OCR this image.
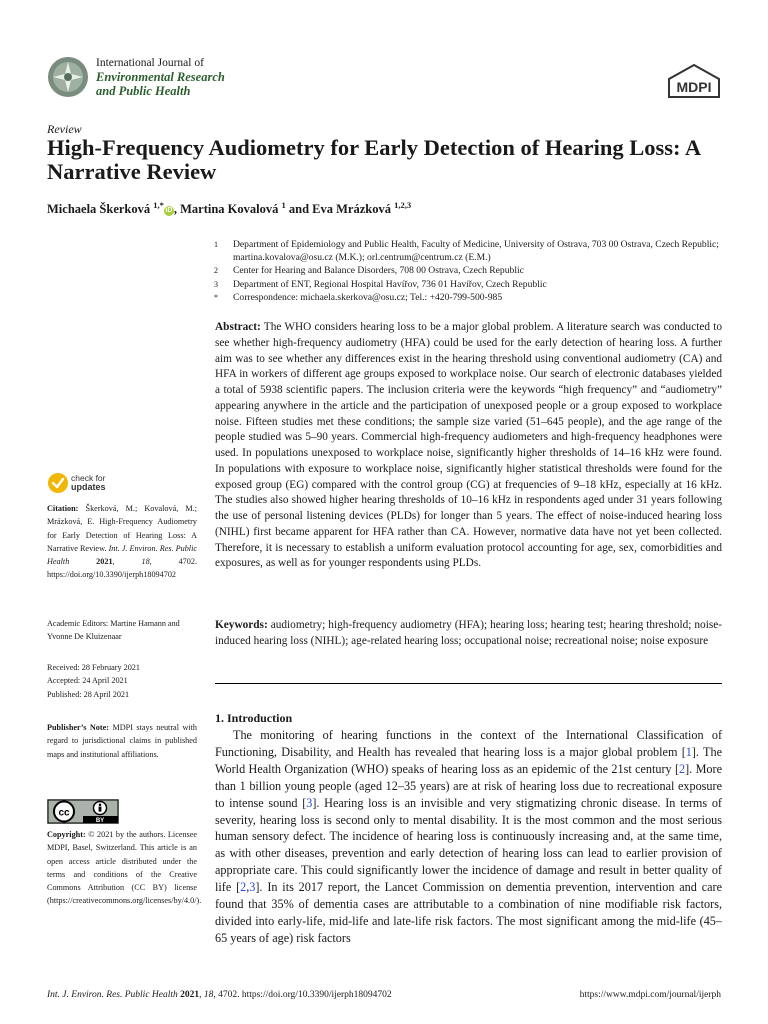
International Journal of
Environmental Research
and Public Health	MDPI
Review
High-Frequency Audiometry for Early Detection of Hearing Loss: A Narrative Review
Michaela Škerková $^{1,*}$iD , Martina Kovalová $^1$ and Eva Mrázková $^{1,2,3}$
1	Department of Epidemiology and Public Health, Faculty of Medicine, University of Ostrava, 703 00 Ostrava, Czech Republic; martina.kovalova@osu.cz (M.K.); orl.centrum@centrum.cz (E.M.)
2	Center for Hearing and Balance Disorders, 708 00 Ostrava, Czech Republic
3	Department of ENT, Regional Hospital Havířov, 736 01 Havířov, Czech Republic
*	Correspondence: michaela.skerkova@osu.cz; Tel.: +420-799-500-985

Abstract: The WHO considers hearing loss to be a major global problem. A literature search was conducted to see whether high-frequency audiometry (HFA) could be used for the early detection of hearing loss. A further aim was to see whether any differences exist in the hearing threshold using conventional audiometry (CA) and HFA in workers of different age groups exposed to workplace noise. Our search of electronic databases yielded a total of 5938 scientific papers. The inclusion criteria were the keywords “high frequency” and “audiometry” appearing anywhere in the article and the participation of unexposed people or a group exposed to workplace noise. Fifteen studies met these conditions; the sample size varied (51–645 people), and the age range of the people studied was 5–90 years. Commercial high-frequency audiometers and high-frequency headphones were used. In populations unexposed to workplace noise, significantly higher thresholds of 14–16 kHz were found. In populations with exposure to workplace noise, significantly higher statistical thresholds were found for the exposed group (EG) compared with the control group (CG) at frequencies of 9–18 kHz, especially at 16 kHz. The studies also showed higher hearing thresholds of 10–16 kHz in respondents aged under 31 years following the use of personal listening devices (PLDs) for longer than 5 years. The effect of noise-induced hearing loss (NIHL) first became apparent for HFA rather than CA. However, normative data have not yet been collected. Therefore, it is necessary to establish a uniform evaluation protocol accounting for age, sex, comorbidities and exposures, as well as for younger respondents using PLDs.

Keywords: audiometry; high-frequency audiometry (HFA); hearing loss; hearing test; hearing threshold; noise-induced hearing loss (NIHL); age-related hearing loss; occupational noise; recreational noise; noise exposure

1. Introduction

The monitoring of hearing functions in the context of the International Classification of Functioning, Disability, and Health has revealed that hearing loss is a major global problem [1]. The World Health Organization (WHO) speaks of hearing loss as an epidemic of the 21st century [2]. More than 1 billion young people (aged 12–35 years) are at risk of hearing loss due to recreational exposure to intense sound [3]. Hearing loss is an invisible and very stigmatizing chronic disease. In terms of severity, hearing loss is second only to mental disability. It is the most common and the most serious human sensory defect. The incidence of hearing loss is continuously increasing and, at the same time, as with other diseases, prevention and early detection of hearing loss can lead to earlier provision of appropriate care. This could significantly lower the incidence of damage and result in better quality of life [2,3]. In its 2017 report, the Lancet Commission on dementia prevention, intervention and care found that 35% of dementia cases are attributable to a combination of nine modifiable risk factors, divided into early-life, mid-life and late-life risk factors. The most significant among the mid-life (45–65 years of age) risk factors

check for
updates
Citation: Škerková, M.; Kovalová, M.; Mrázková, E. High-Frequency Audiometry for Early Detection of Hearing Loss: A Narrative Review. Int. J. Environ. Res. Public Health	2021, 18, 4702. https://doi.org/10.3390/ijerph18094702
Academic Editors: Martine Hamann and Yvonne De Kluizenaar
Received: 28 February 2021
Accepted: 24 April 2021
Published: 28 April 2021
Publisher’s Note: MDPI stays neutral with regard to jurisdictional claims in published maps and institutional affiliations.
cc
BY
Copyright: © 2021 by the authors. Licensee MDPI, Basel, Switzerland. This article is an open access article distributed under the terms and conditions of the Creative Commons Attribution (CC BY) license (https://creativecommons.org/licenses/by/4.0/).
Int. J. Environ. Res. Public Health 2021, 18, 4702. https://doi.org/10.3390/ijerph18094702	https://www.mdpi.com/journal/ijerph
